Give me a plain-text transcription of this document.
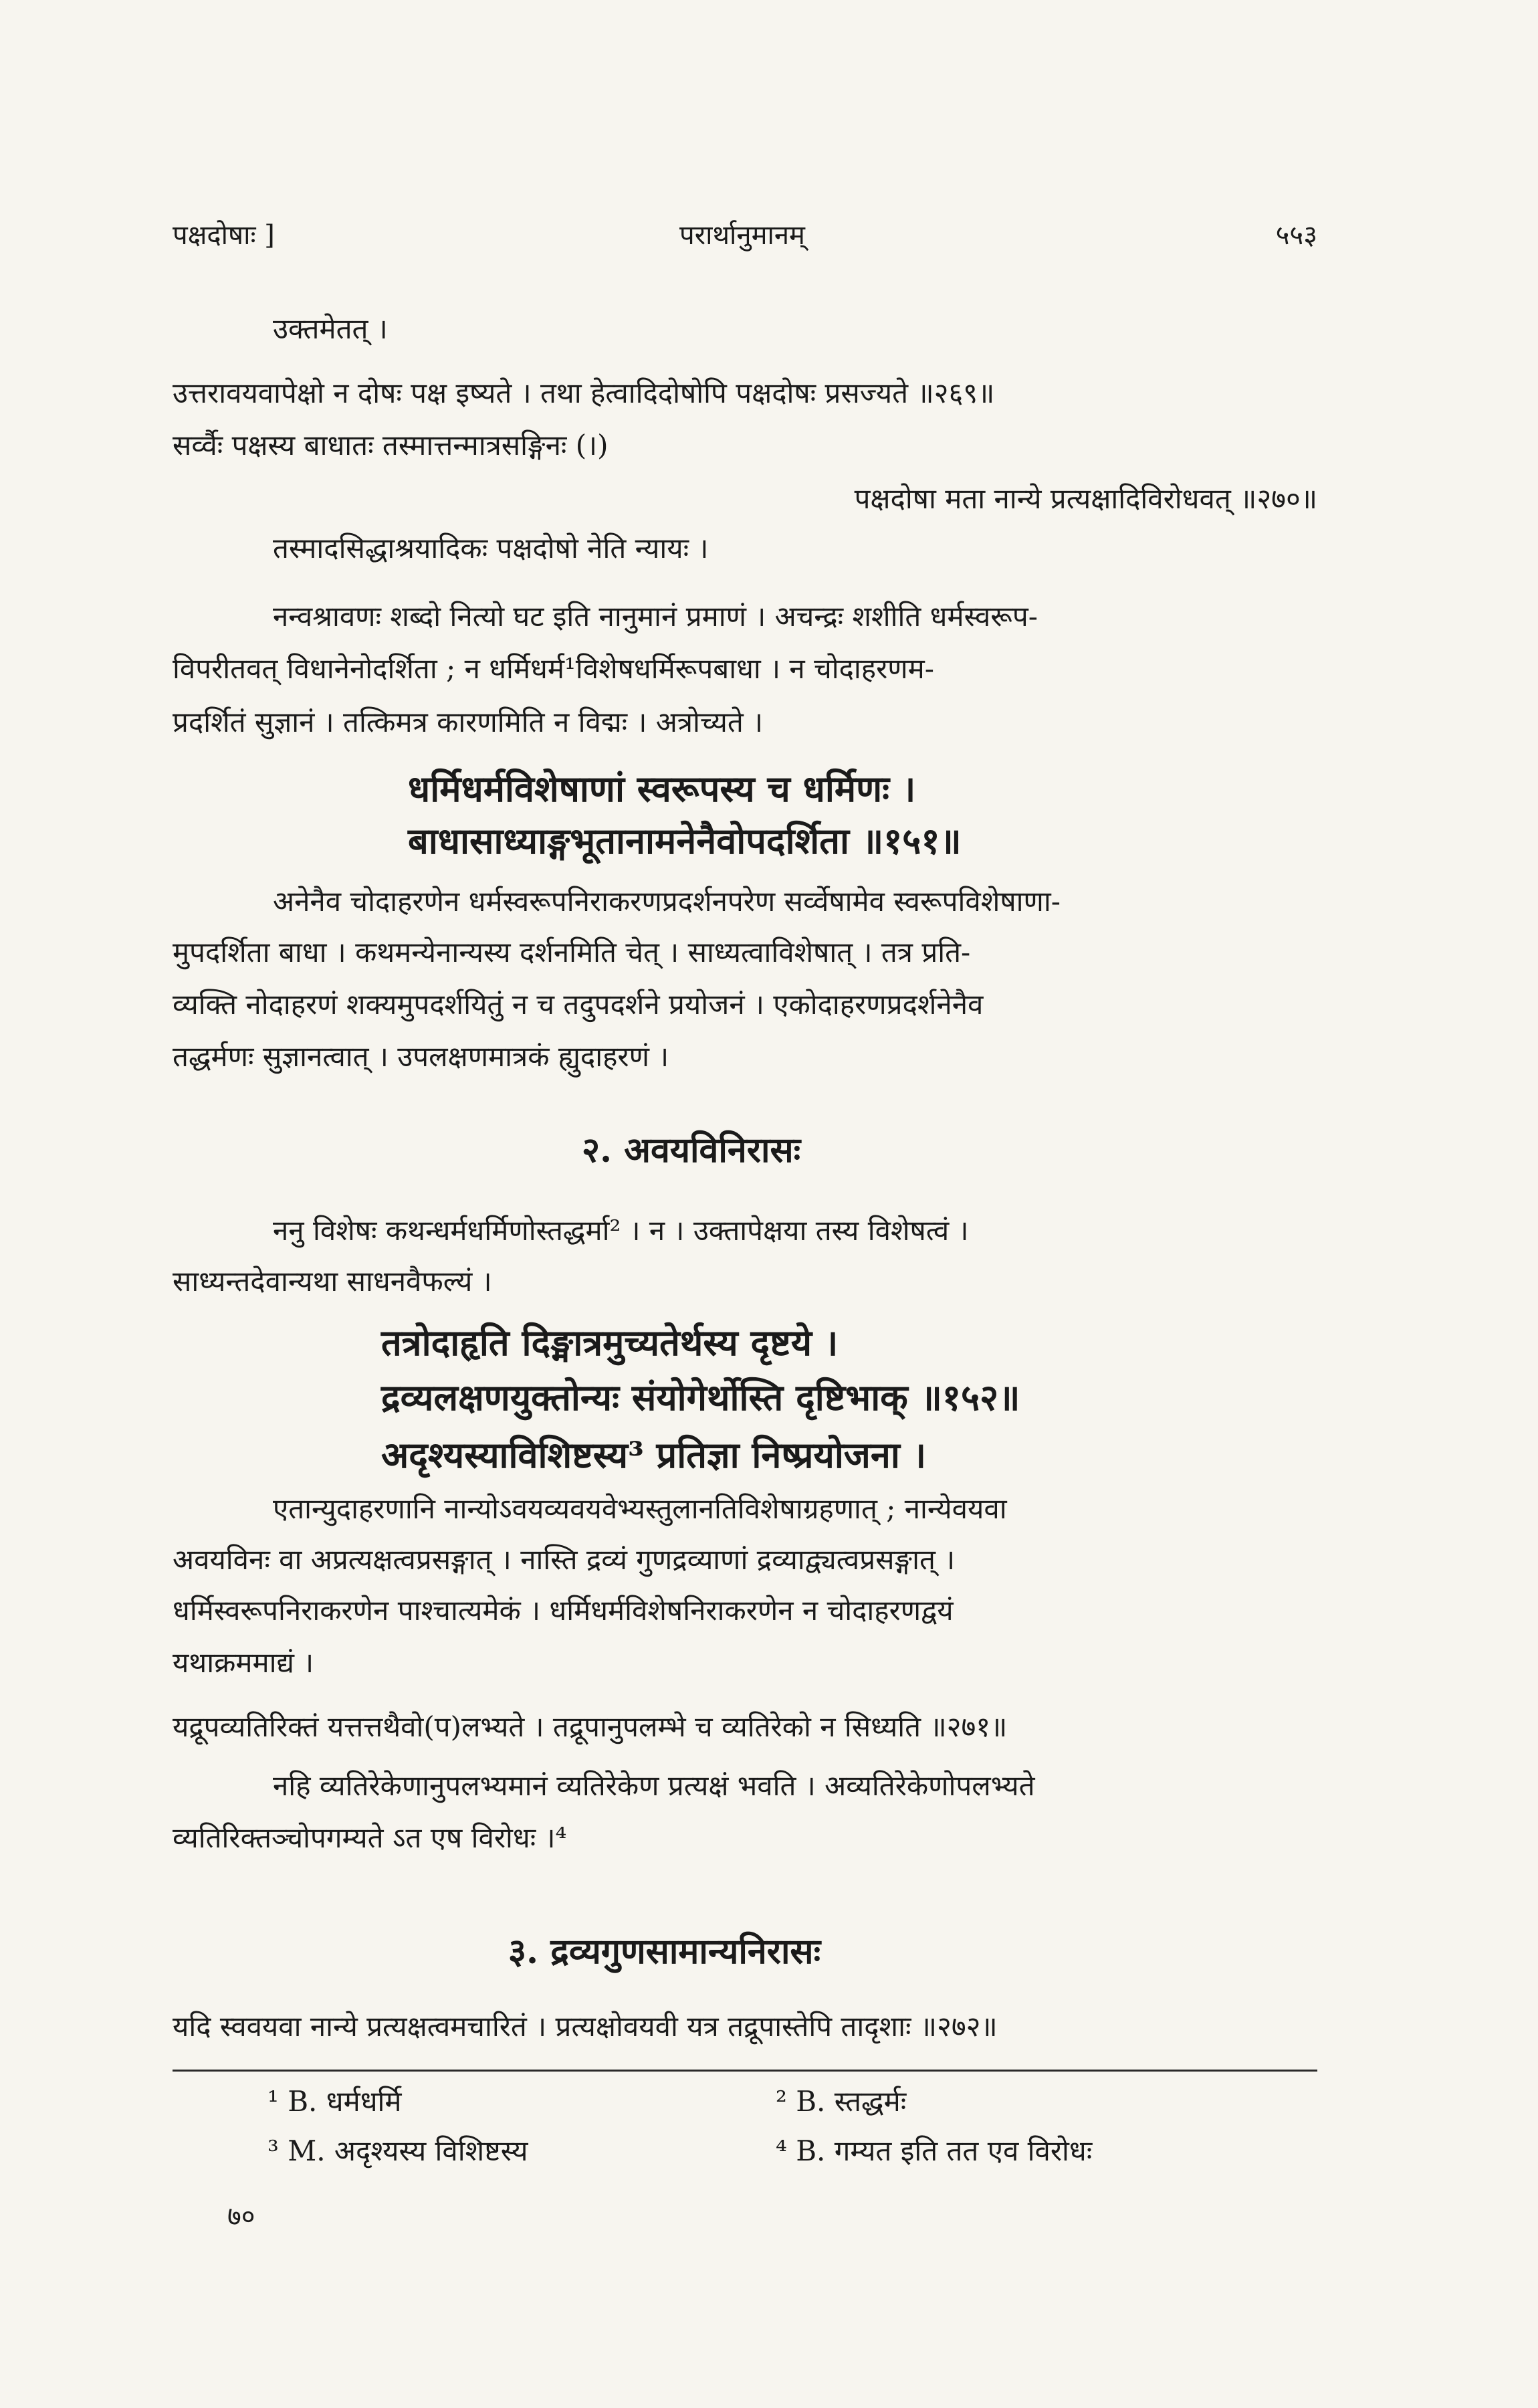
पक्षदोषाः ]	परार्थानुमानम्	५५३
उक्तमेतत् ।
उत्तरावयवापेक्षो न दोषः पक्ष इष्यते । तथा हेत्वादिदोषोपि पक्षदोषः प्रसज्यते ॥२६९॥
सर्व्वैः पक्षस्य बाधातः तस्मात्तन्मात्रसङ्गिनः (।)
पक्षदोषा मता नान्ये प्रत्यक्षादिविरोधवत् ॥२७०॥
तस्मादसिद्धाश्रयादिकः पक्षदोषो नेति न्यायः ।
नन्वश्रावणः शब्दो नित्यो घट इति नानुमानं प्रमाणं । अचन्द्रः शशीति धर्मस्वरूप-
विपरीतवत् विधानेनोदर्शिता ; न धर्मिधर्म¹विशेषधर्मिरूपबाधा । न चोदाहरणम-
प्रदर्शितं सुज्ञानं । तत्किमत्र कारणमिति न विद्मः । अत्रोच्यते ।
धर्मिधर्मविशेषाणां स्वरूपस्य च धर्मिणः ।
बाधासाध्याङ्गभूतानामनेनैवोपदर्शिता ॥१५१॥
अनेनैव चोदाहरणेन धर्मस्वरूपनिराकरणप्रदर्शनपरेण सर्व्वेषामेव स्वरूपविशेषाणा-
मुपदर्शिता बाधा । कथमन्येनान्यस्य दर्शनमिति चेत् । साध्यत्वाविशेषात् । तत्र प्रति-
व्यक्ति नोदाहरणं शक्यमुपदर्शयितुं न च तदुपदर्शने प्रयोजनं । एकोदाहरणप्रदर्शनेनैव
तद्धर्मणः सुज्ञानत्वात् । उपलक्षणमात्रकं ह्युदाहरणं ।
२. अवयविनिरासः
ननु विशेषः कथन्धर्मधर्मिणोस्तद्धर्मा² । न । उक्तापेक्षया तस्य विशेषत्वं ।
साध्यन्तदेवान्यथा साधनवैफल्यं ।
तत्रोदाहृति दिङ्मात्रमुच्यतेर्थस्य दृष्टये ।
द्रव्यलक्षणयुक्तोन्यः संयोगेर्थोस्ति दृष्टिभाक् ॥१५२॥
अदृश्यस्याविशिष्टस्य³ प्रतिज्ञा निष्प्रयोजना ।
एतान्युदाहरणानि नान्योऽवयव्यवयवेभ्यस्तुलानतिविशेषाग्रहणात् ; नान्येवयवा
अवयविनः वा अप्रत्यक्षत्वप्रसङ्गात् । नास्ति द्रव्यं गुणद्रव्याणां द्रव्याद्व्यत्वप्रसङ्गात् ।
धर्मिस्वरूपनिराकरणेन पाश्चात्यमेकं । धर्मिधर्मविशेषनिराकरणेन न चोदाहरणद्वयं
यथाक्रममाद्यं ।
यद्रूपव्यतिरिक्तं यत्तत्तथैवो(प)लभ्यते । तद्रूपानुपलम्भे च व्यतिरेको न सिध्यति ॥२७१॥
नहि व्यतिरेकेणानुपलभ्यमानं व्यतिरेकेण प्रत्यक्षं भवति । अव्यतिरेकेणोपलभ्यते
व्यतिरिक्तञ्चोपगम्यते ऽत एष विरोधः ।⁴
३. द्रव्यगुणसामान्यनिरासः
यदि स्ववयवा नान्ये प्रत्यक्षत्वमचारितं । प्रत्यक्षोवयवी यत्र तद्रूपास्तेपि तादृशाः ॥२७२॥
¹ B. धर्मधर्मि	² B. स्तद्धर्मः
³ M. अदृश्यस्य विशिष्टस्य	⁴ B. गम्यत इति तत एव विरोधः
७०
